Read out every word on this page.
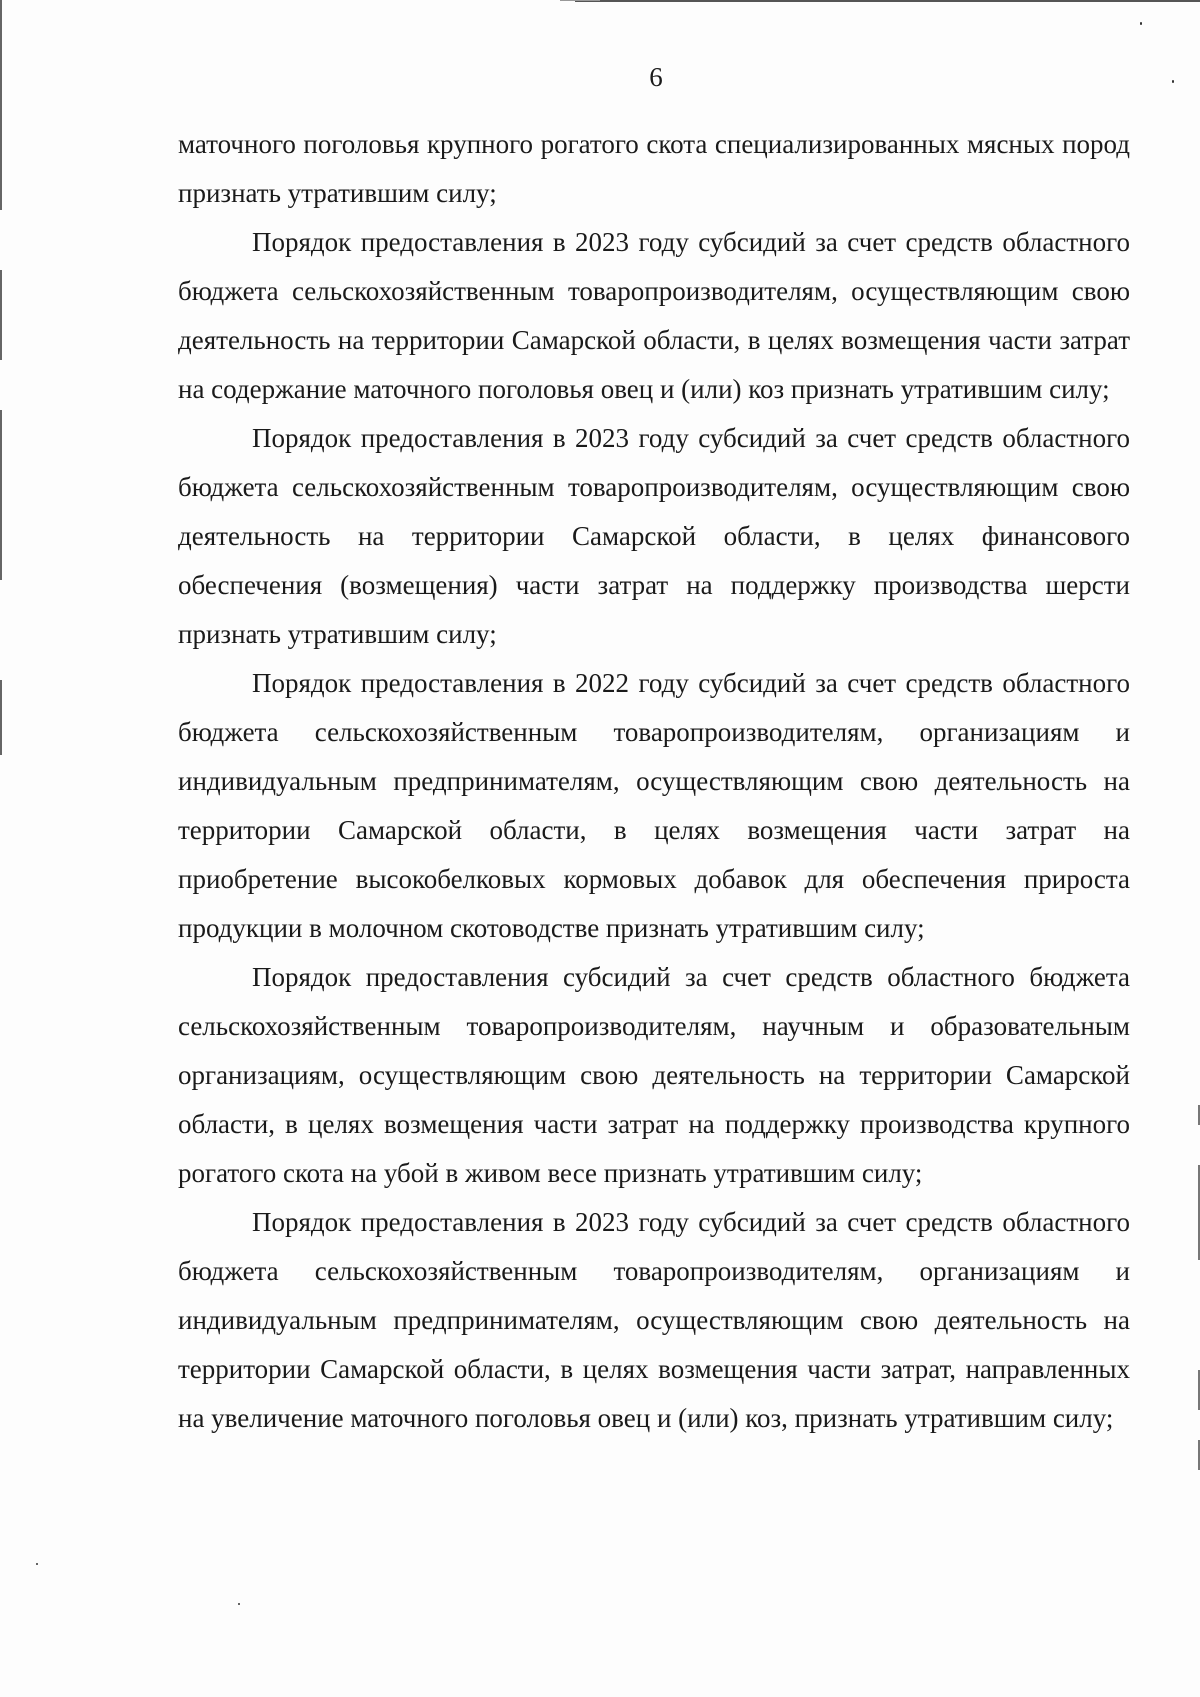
6

маточного поголовья крупного рогатого скота специализированных мясных пород признать утратившим силу;

Порядок предоставления в 2023 году субсидий за счет средств областного бюджета сельскохозяйственным товаропроизводителям, осуществляющим свою деятельность на территории Самарской области, в целях возмещения части затрат на содержание маточного поголовья овец и (или) коз признать утратившим силу;

Порядок предоставления в 2023 году субсидий за счет средств областного бюджета сельскохозяйственным товаропроизводителям, осуществляющим свою деятельность на территории Самарской области, в целях финансового обеспечения (возмещения) части затрат на поддержку производства шерсти признать утратившим силу;

Порядок предоставления в 2022 году субсидий за счет средств областного бюджета сельскохозяйственным товаропроизводителям, организациям и индивидуальным предпринимателям, осуществляющим свою деятельность на территории Самарской области, в целях возмещения части затрат на приобретение высокобелковых кормовых добавок для обеспечения прироста продукции в молочном скотоводстве признать утратившим силу;

Порядок предоставления субсидий за счет средств областного бюджета сельскохозяйственным товаропроизводителям, научным и образовательным организациям, осуществляющим свою деятельность на территории Самарской области, в целях возмещения части затрат на поддержку производства крупного рогатого скота на убой в живом весе признать утратившим силу;

Порядок предоставления в 2023 году субсидий за счет средств областного бюджета сельскохозяйственным товаропроизводителям, организациям и индивидуальным предпринимателям, осуществляющим свою деятельность на территории Самарской области, в целях возмещения части затрат, направленных на увеличение маточного поголовья овец и (или) коз, признать утратившим силу;
